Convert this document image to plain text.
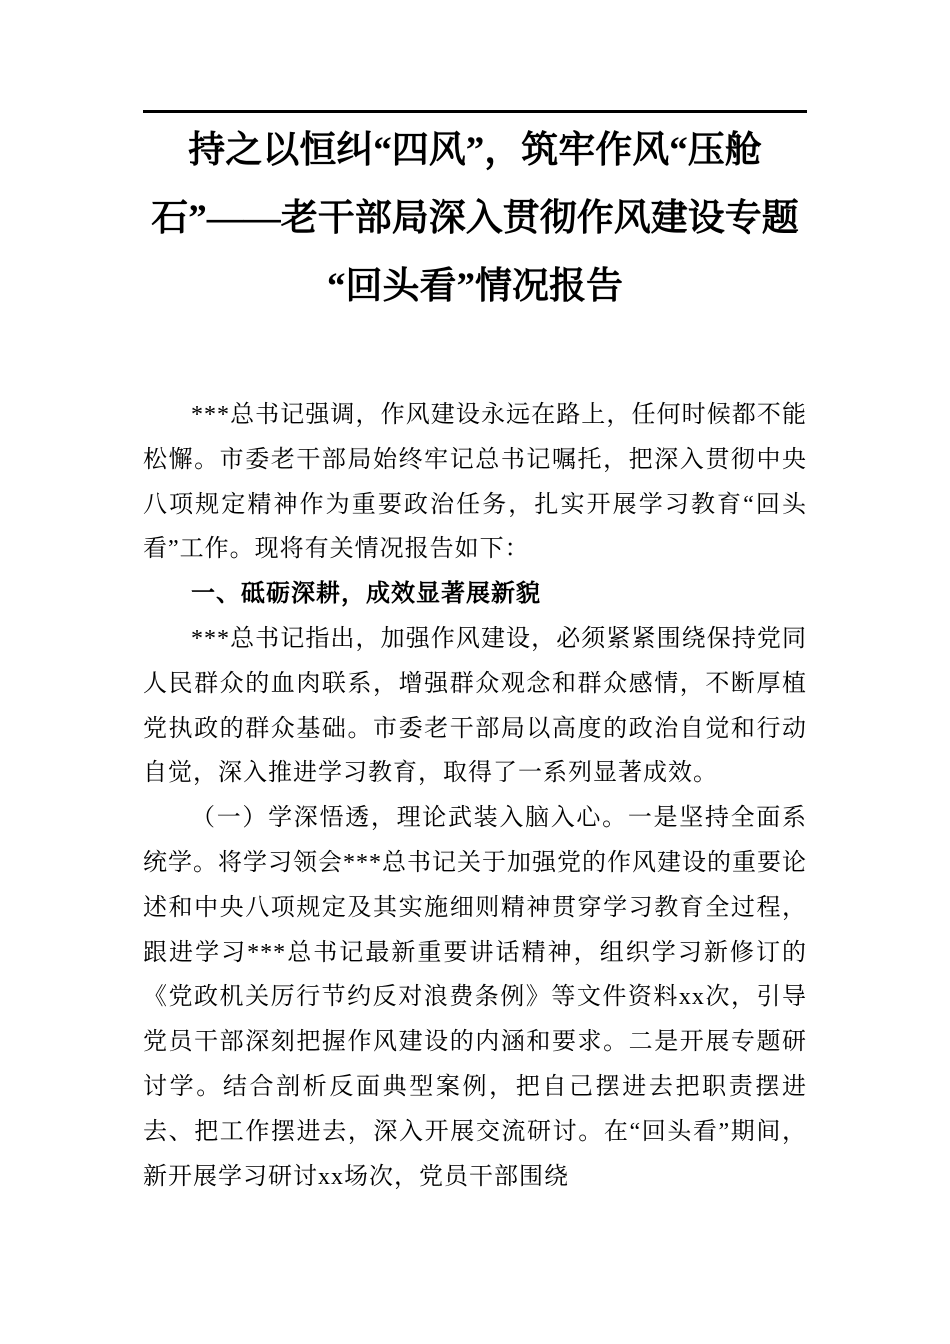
持之以恒纠“四风”，筑牢作风“压舱
石”——老干部局深入贯彻作风建设专题
“回头看”情况报告

***总书记强调，作风建设永远在路上，任何时候都不能松懈。市委老干部局始终牢记总书记嘱托，把深入贯彻中央八项规定精神作为重要政治任务，扎实开展学习教育“回头看”工作。现将有关情况报告如下：

一、砥砺深耕，成效显著展新貌

***总书记指出，加强作风建设，必须紧紧围绕保持党同人民群众的血肉联系，增强群众观念和群众感情，不断厚植党执政的群众基础。市委老干部局以高度的政治自觉和行动自觉，深入推进学习教育，取得了一系列显著成效。

（一）学深悟透，理论武装入脑入心。一是坚持全面系统学。将学习领会***总书记关于加强党的作风建设的重要论述和中央八项规定及其实施细则精神贯穿学习教育全过程，跟进学习***总书记最新重要讲话精神，组织学习新修订的《党政机关厉行节约反对浪费条例》等文件资料xx次，引导党员干部深刻把握作风建设的内涵和要求。二是开展专题研讨学。结合剖析反面典型案例，把自己摆进去把职责摆进去、把工作摆进去，深入开展交流研讨。在“回头看”期间，新开展学习研讨xx场次，党员干部围绕
